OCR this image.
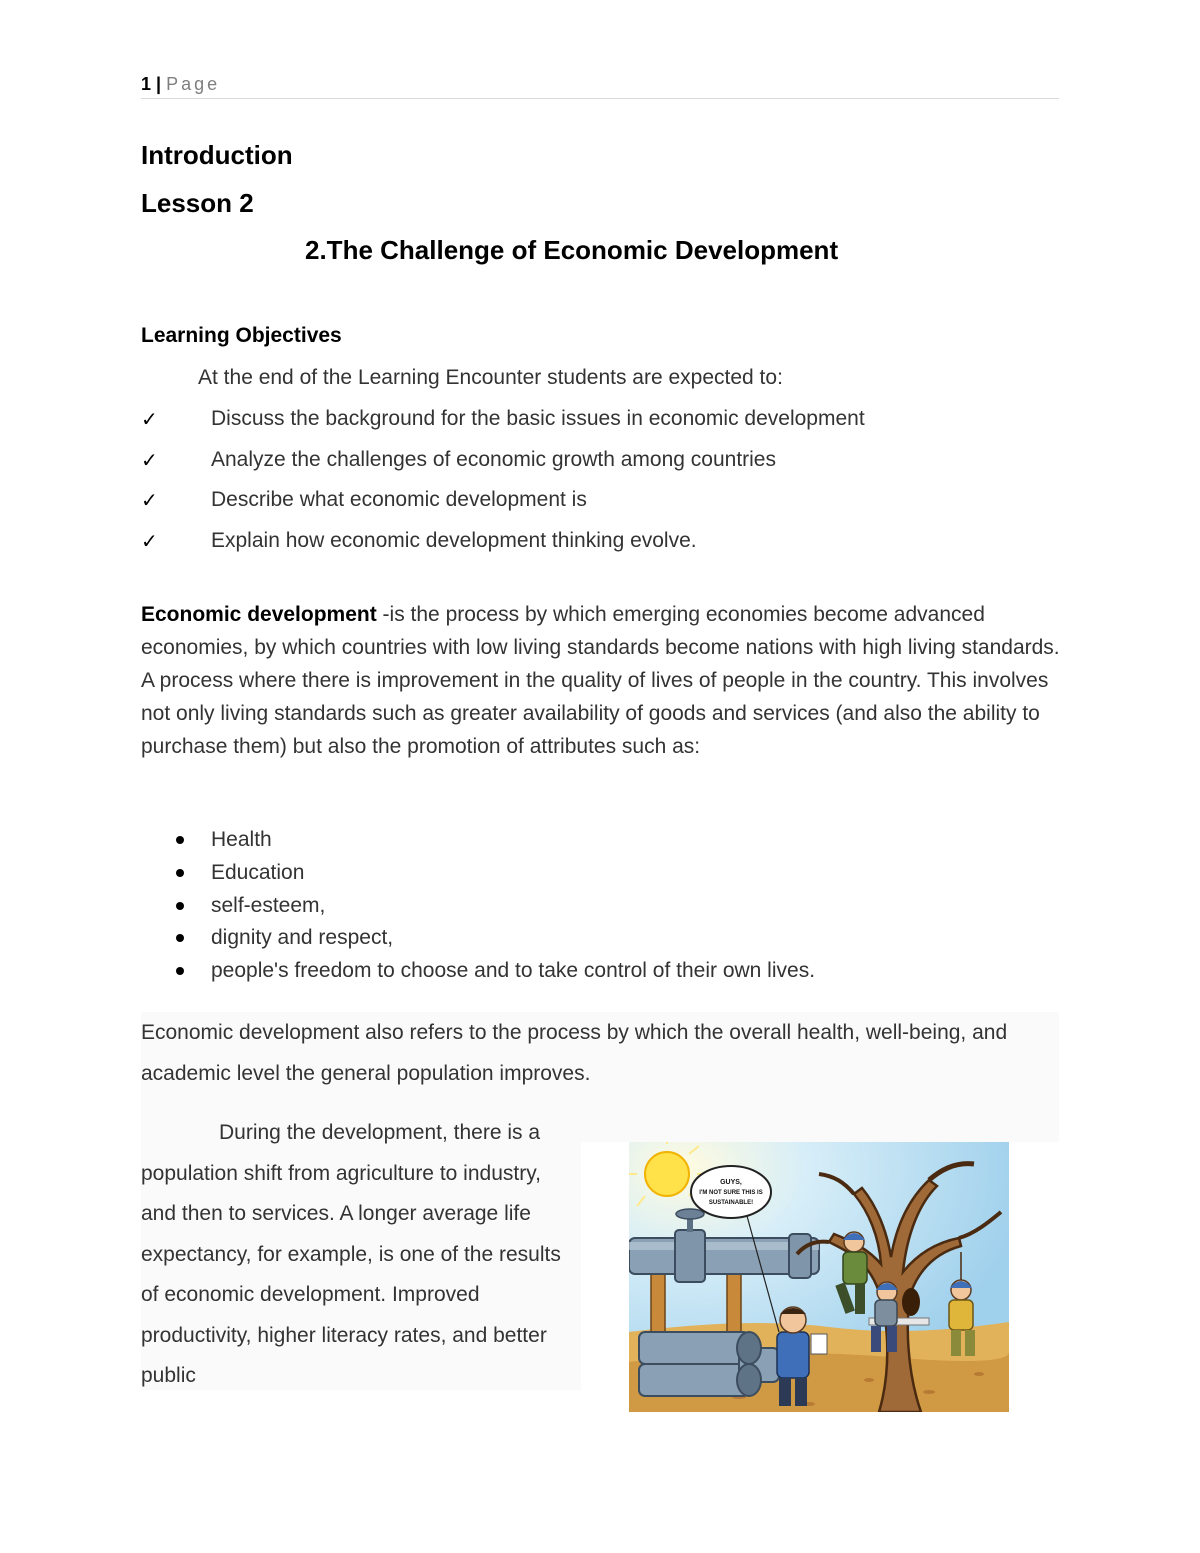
1 | Page
Introduction
Lesson 2
2.The Challenge of Economic Development
Learning Objectives
At the end of the Learning Encounter students are expected to:
✓	Discuss the background for the basic issues in economic development
✓	Analyze the challenges of economic growth among countries
✓	Describe what economic development is
✓	Explain how economic development thinking evolve.

Economic development -is the process by which emerging economies become advanced economies, by which countries with low living standards become nations with high living standards. A process where there is improvement in the quality of lives of people in the country. This involves not only living standards such as greater availability of goods and services (and also the ability to purchase them) but also the promotion of attributes such as:

Health
Education
self-esteem,
dignity and respect,
people's freedom to choose and to take control of their own lives.

Economic development also refers to the process by which the overall health, well-being, and academic level the general population improves.

During the development, there is a population shift from agriculture to industry, and then to services. A longer average life expectancy, for example, is one of the results of economic development. Improved productivity, higher literacy rates, and better public

GUYS,
I'M NOT SURE THIS IS
SUSTAINABLE!
